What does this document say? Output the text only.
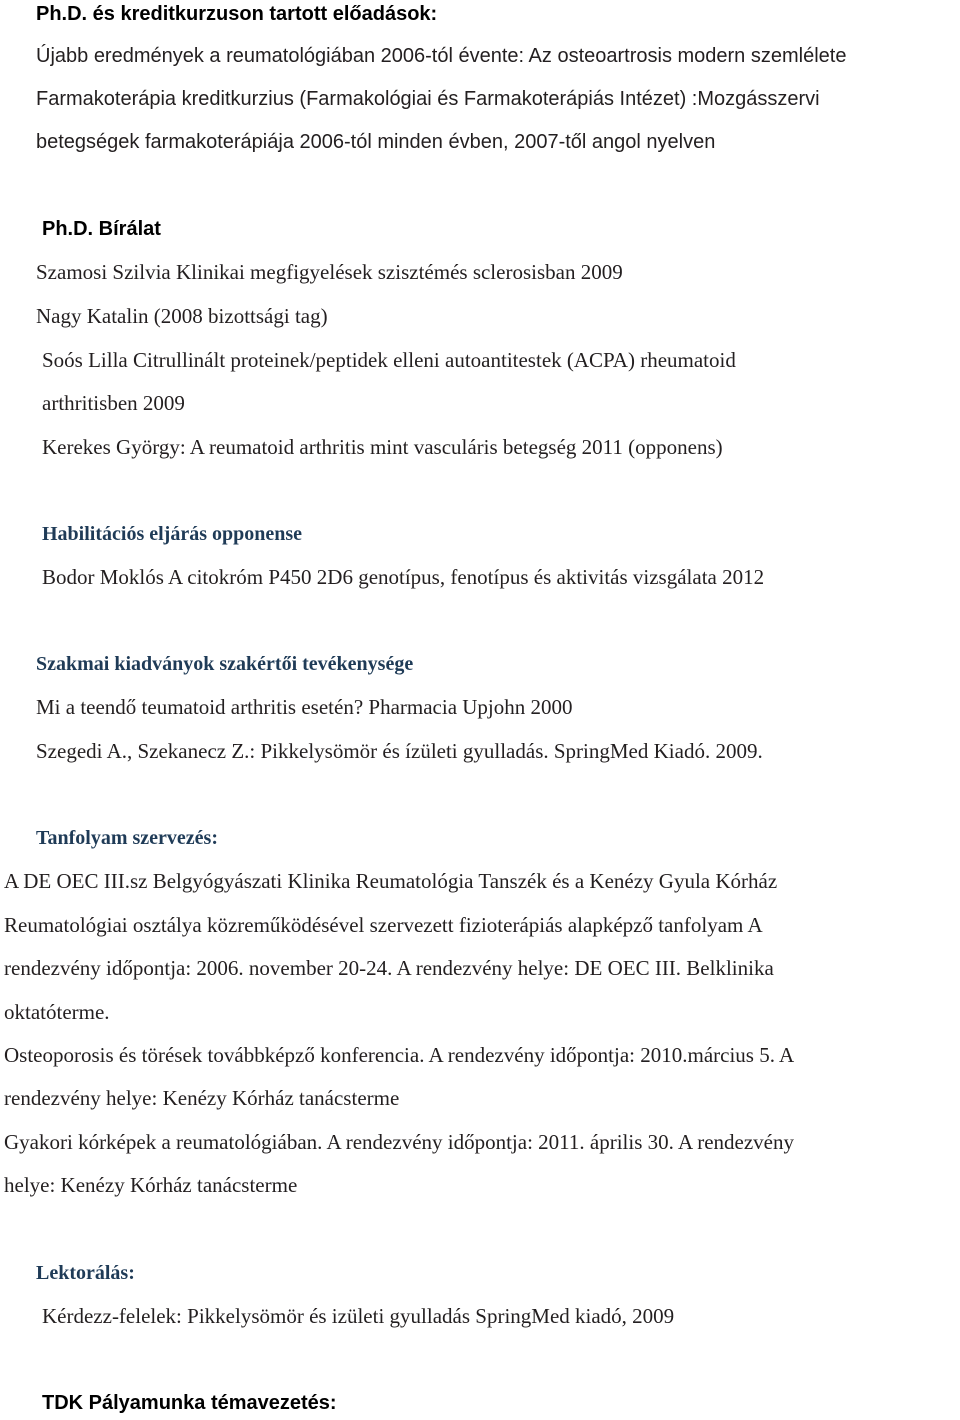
Ph.D. és kreditkurzuson tartott előadások:
Újabb eredmények a reumatológiában 2006-tól évente: Az osteoartrosis modern szemlélete
Farmakoterápia kreditkurzius (Farmakológiai és Farmakoterápiás Intézet) :Mozgásszervi
betegségek farmakoterápiája 2006-tól minden évben, 2007-től angol nyelven
Ph.D. Bírálat
Szamosi Szilvia Klinikai megfigyelések szisztémés sclerosisban 2009
Nagy Katalin (2008 bizottsági tag)
Soós Lilla Citrullinált proteinek/peptidek elleni autoantitestek (ACPA) rheumatoid
arthritisben 2009
Kerekes György: A reumatoid arthritis mint vasculáris betegség 2011 (opponens)
Habilitációs eljárás opponense
Bodor Moklós A citokróm P450 2D6 genotípus, fenotípus és aktivitás vizsgálata 2012
Szakmai kiadványok szakértői tevékenysége
Mi a teendő teumatoid arthritis esetén? Pharmacia Upjohn 2000
Szegedi A., Szekanecz Z.: Pikkelysömör és ízületi gyulladás. SpringMed Kiadó. 2009.
Tanfolyam szervezés:
A DE OEC III.sz Belgyógyászati Klinika Reumatológia Tanszék és a Kenézy Gyula Kórház
Reumatológiai osztálya közreműködésével szervezett fizioterápiás alapképző tanfolyam A
rendezvény időpontja: 2006. november 20-24. A rendezvény helye: DE OEC III. Belklinika
oktatóterme.
Osteoporosis és törések továbbképző konferencia. A rendezvény időpontja: 2010.március 5. A
rendezvény helye: Kenézy Kórház tanácsterme
Gyakori kórképek a reumatológiában. A rendezvény időpontja: 2011. április 30. A rendezvény
helye: Kenézy Kórház tanácsterme
Lektorálás:
Kérdezz-felelek: Pikkelysömör és izületi gyulladás SpringMed kiadó, 2009
TDK Pályamunka témavezetés:
